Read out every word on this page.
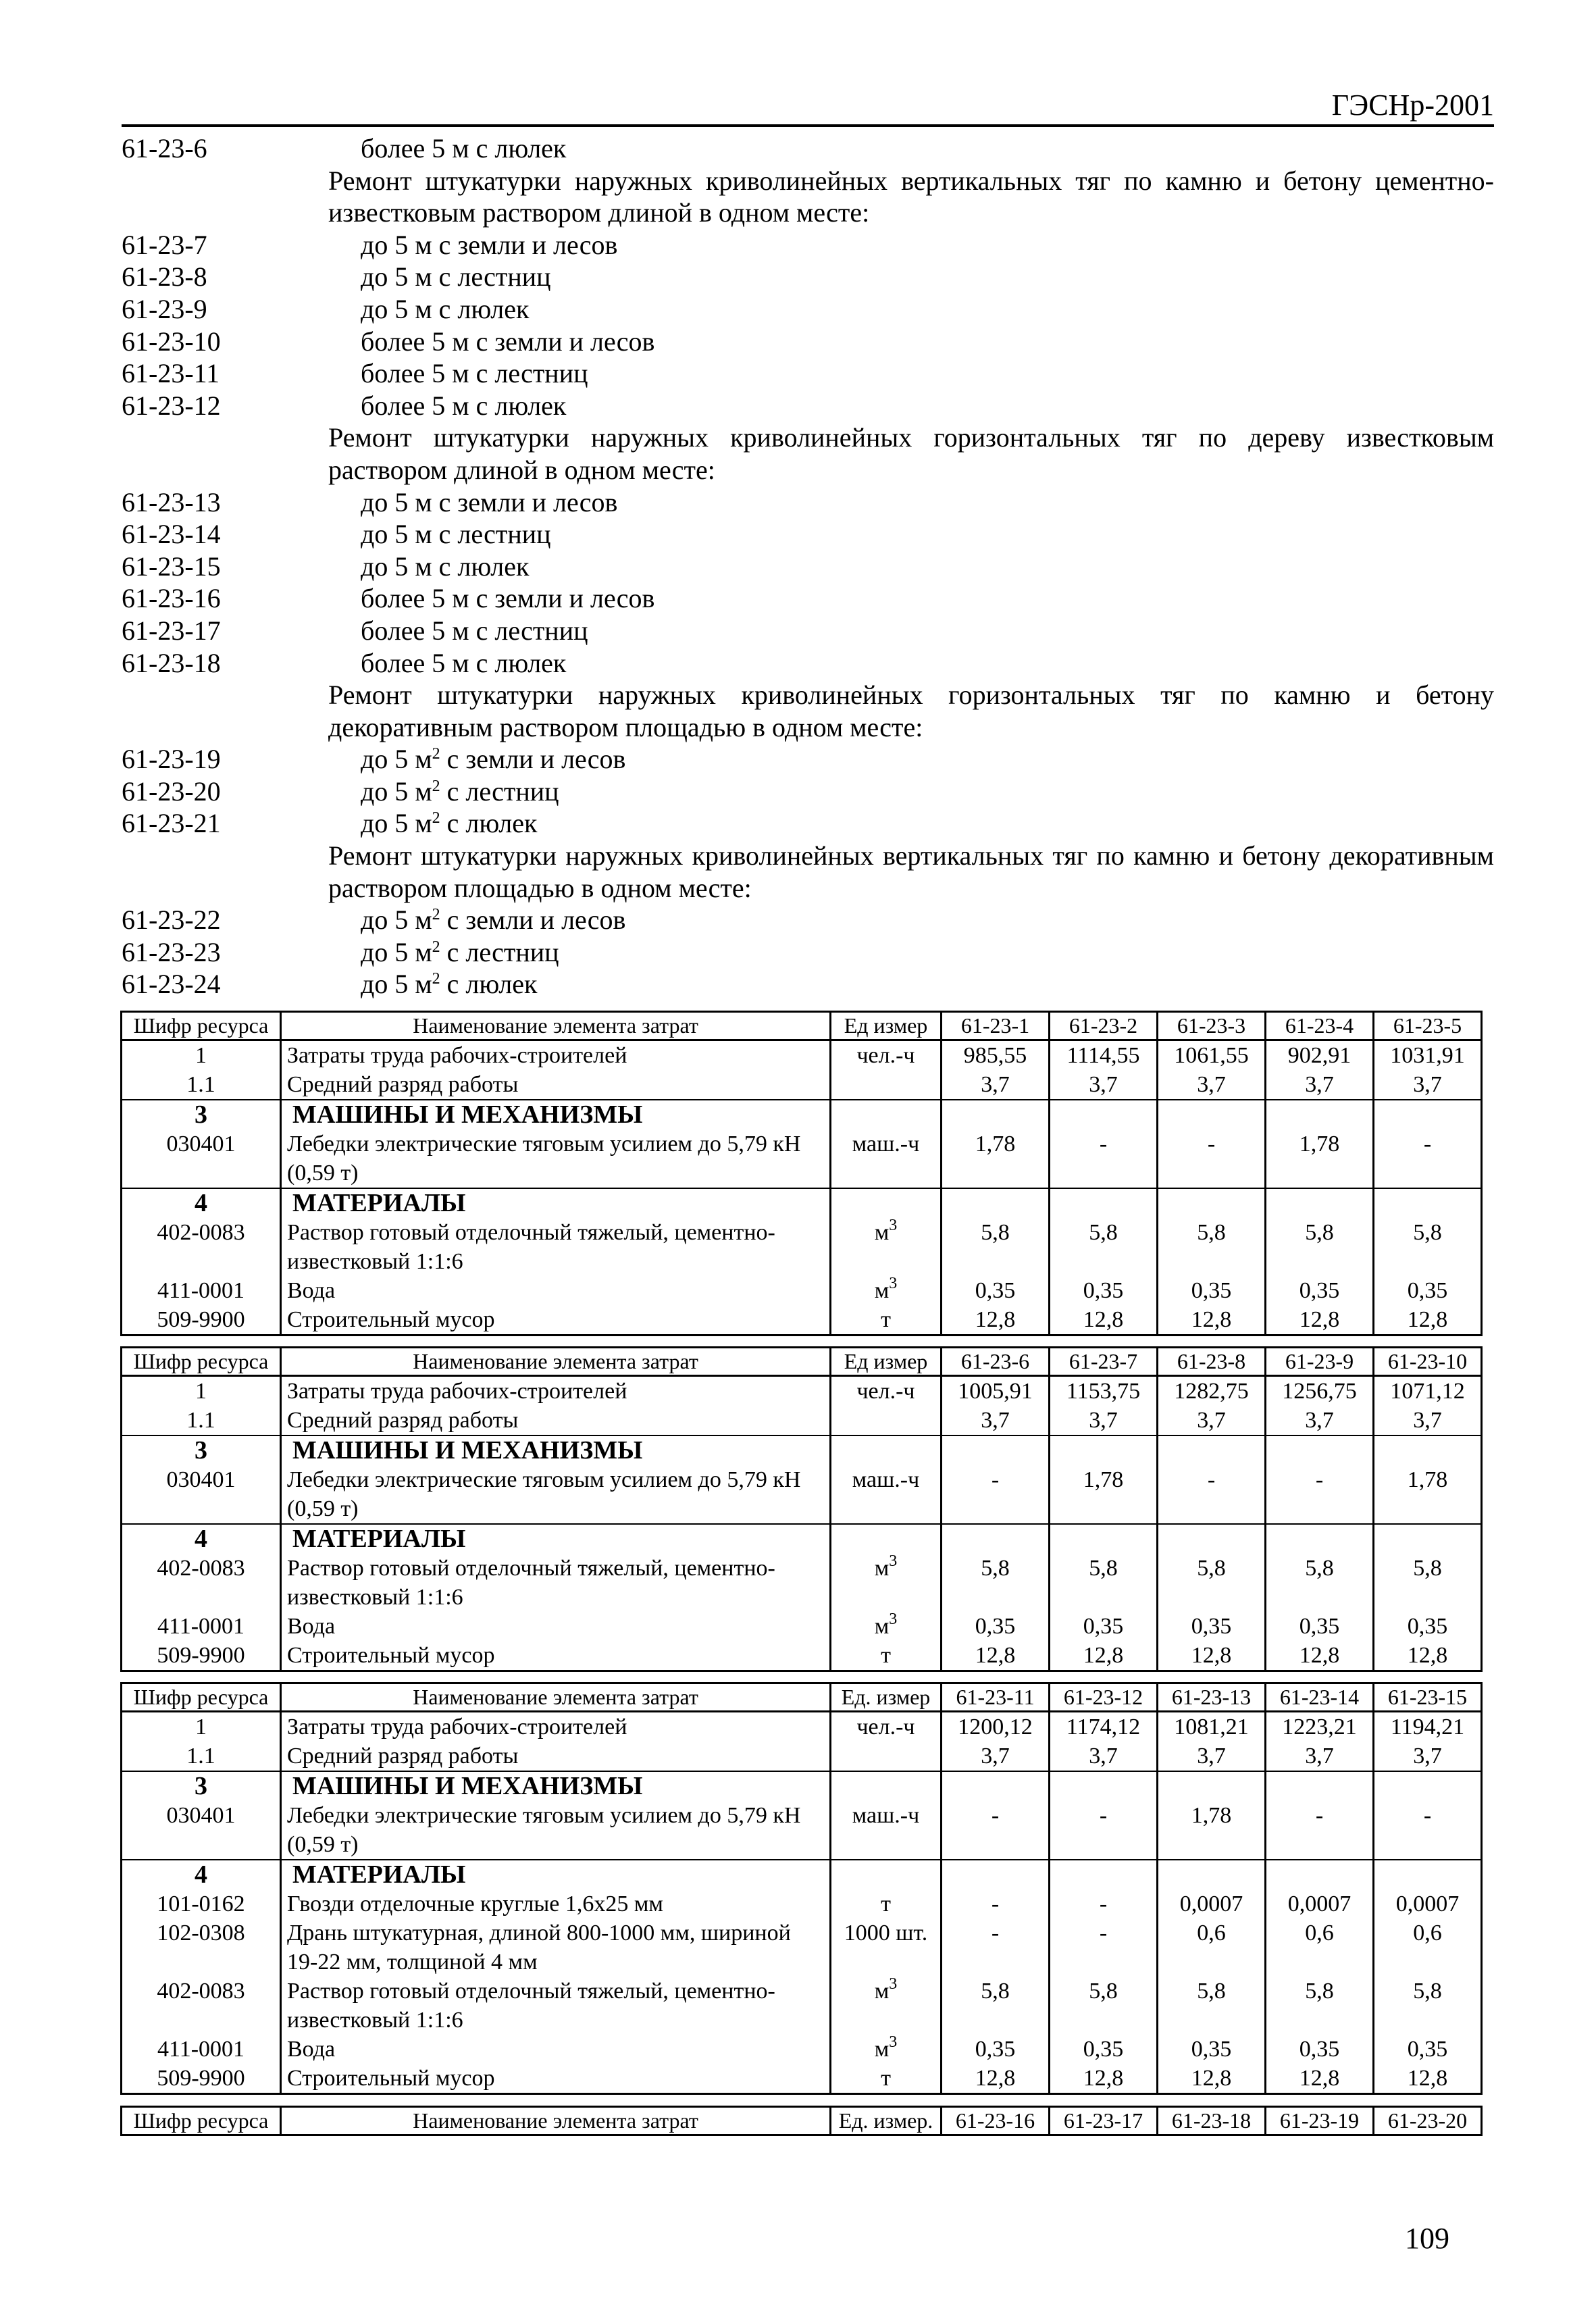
ГЭСНр-2001
61-23-6	более 5 м с люлек
Ремонт штукатурки наружных криволинейных вертикальных тяг по камню и бетону цементно-известковым раствором длиной в одном месте:
61-23-7	до 5 м с земли и лесов
61-23-8	до 5 м с лестниц
61-23-9	до 5 м с люлек
61-23-10	более 5 м с земли и лесов
61-23-11	более 5 м с лестниц
61-23-12	более 5 м с люлек
Ремонт штукатурки наружных криволинейных горизонтальных тяг по дереву известковым раствором длиной в одном месте:
61-23-13	до 5 м с земли и лесов
61-23-14	до 5 м с лестниц
61-23-15	до 5 м с люлек
61-23-16	более 5 м с земли и лесов
61-23-17	более 5 м с лестниц
61-23-18	более 5 м с люлек
Ремонт штукатурки наружных криволинейных горизонтальных тяг по камню и бетону декоративным раствором площадью в одном месте:
61-23-19	до 5 $м^2$ с земли и лесов
61-23-20	до 5 $м^2$ с лестниц
61-23-21	до 5 $м^2$ с люлек
Ремонт штукатурки наружных криволинейных вертикальных тяг по камню и бетону декоративным раствором площадью в одном месте:
61-23-22	до 5 $м^2$ с земли и лесов
61-23-23	до 5 $м^2$ с лестниц
61-23-24	до 5 $м^2$ с люлек
Шифр ресурса	Наименование элемента затрат	Ед измер	61-23-1	61-23-2	61-23-3	61-23-4	61-23-5
1	Затраты труда рабочих-строителей	чел.-ч	985,55	1114,55	1061,55	902,91	1031,91
1.1	Средний разряд работы		3,7	3,7	3,7	3,7	3,7
3	МАШИНЫ И МЕХАНИЗМЫ						
030401	Лебедки электрические тяговым усилием до 5,79 кН (0,59 т)	маш.-ч	1,78	-	-	1,78	-
4	МАТЕРИАЛЫ						
402-0083	Раствор готовый отделочный тяжелый, цементно-известковый 1:1:6	$м^3$	5,8	5,8	5,8	5,8	5,8
411-0001	Вода	$м^3$	0,35	0,35	0,35	0,35	0,35
509-9900	Строительный мусор	т	12,8	12,8	12,8	12,8	12,8
Шифр ресурса	Наименование элемента затрат	Ед измер	61-23-6	61-23-7	61-23-8	61-23-9	61-23-10
1	Затраты труда рабочих-строителей	чел.-ч	1005,91	1153,75	1282,75	1256,75	1071,12
1.1	Средний разряд работы		3,7	3,7	3,7	3,7	3,7
3	МАШИНЫ И МЕХАНИЗМЫ						
030401	Лебедки электрические тяговым усилием до 5,79 кН (0,59 т)	маш.-ч	-	1,78	-	-	1,78
4	МАТЕРИАЛЫ						
402-0083	Раствор готовый отделочный тяжелый, цементно-известковый 1:1:6	$м^3$	5,8	5,8	5,8	5,8	5,8
411-0001	Вода	$м^3$	0,35	0,35	0,35	0,35	0,35
509-9900	Строительный мусор	т	12,8	12,8	12,8	12,8	12,8
Шифр ресурса	Наименование элемента затрат	Ед. измер	61-23-11	61-23-12	61-23-13	61-23-14	61-23-15
1	Затраты труда рабочих-строителей	чел.-ч	1200,12	1174,12	1081,21	1223,21	1194,21
1.1	Средний разряд работы		3,7	3,7	3,7	3,7	3,7
3	МАШИНЫ И МЕХАНИЗМЫ						
030401	Лебедки электрические тяговым усилием до 5,79 кН (0,59 т)	маш.-ч	-	-	1,78	-	-
4	МАТЕРИАЛЫ						
101-0162	Гвозди отделочные круглые 1,6х25 мм	т	-	-	0,0007	0,0007	0,0007
102-0308	Дрань штукатурная, длиной 800-1000 мм, шириной 19-22 мм, толщиной 4 мм	1000 шт.	-	-	0,6	0,6	0,6
402-0083	Раствор готовый отделочный тяжелый, цементно-известковый 1:1:6	$м^3$	5,8	5,8	5,8	5,8	5,8
411-0001	Вода	$м^3$	0,35	0,35	0,35	0,35	0,35
509-9900	Строительный мусор	т	12,8	12,8	12,8	12,8	12,8
Шифр ресурса	Наименование элемента затрат	Ед. измер.	61-23-16	61-23-17	61-23-18	61-23-19	61-23-20
109
